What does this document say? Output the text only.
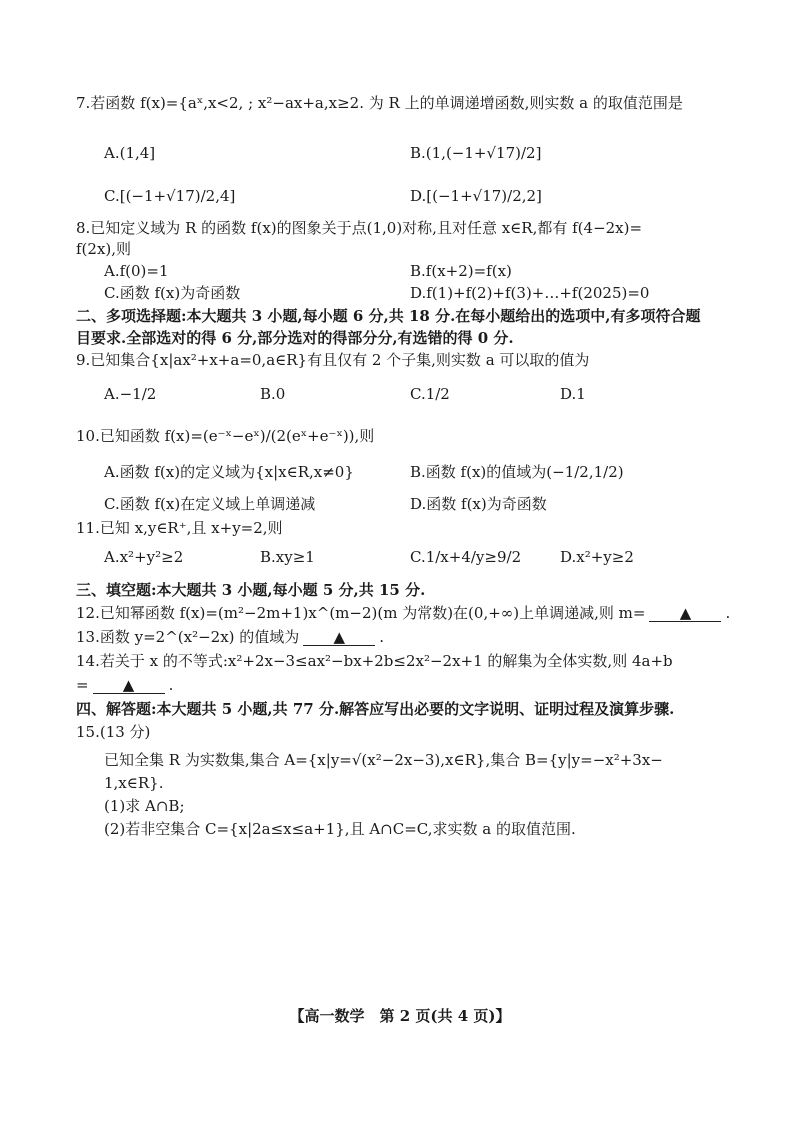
7.若函数 f(x)={aˣ,x<2, ; x²−ax+a,x≥2. 为 R 上的单调递增函数,则实数 a 的取值范围是
A.(1,4]	B.(1,(−1+√17)/2]
C.[(−1+√17)/2,4]	D.[(−1+√17)/2,2]
8.已知定义域为 R 的函数 f(x)的图象关于点(1,0)对称,且对任意 x∈R,都有 f(4−2x)=
f(2x),则
A.f(0)=1	B.f(x+2)=f(x)
C.函数 f(x)为奇函数	D.f(1)+f(2)+f(3)+…+f(2025)=0
二、多项选择题:本大题共 3 小题,每小题 6 分,共 18 分.在每小题给出的选项中,有多项符合题
目要求.全部选对的得 6 分,部分选对的得部分分,有选错的得 0 分.
9.已知集合{x|ax²+x+a=0,a∈R}有且仅有 2 个子集,则实数 a 可以取的值为
A.−1/2	B.0	C.1/2	D.1
10.已知函数 f(x)=(e⁻ˣ−eˣ)/(2(eˣ+e⁻ˣ)),则
A.函数 f(x)的定义域为{x|x∈R,x≠0}	B.函数 f(x)的值域为(−1/2,1/2)
C.函数 f(x)在定义域上单调递减	D.函数 f(x)为奇函数
11.已知 x,y∈R⁺,且 x+y=2,则
A.x²+y²≥2	B.xy≥1	C.1/x+4/y≥9/2	D.x²+y≥2
三、填空题:本大题共 3 小题,每小题 5 分,共 15 分.
12.已知幂函数 f(x)=(m²−2m+1)x^(m−2)(m 为常数)在(0,+∞)上单调递减,则 m= ▲ .
13.函数 y=2^(x²−2x) 的值域为 ▲ .
14.若关于 x 的不等式:x²+2x−3≤ax²−bx+2b≤2x²−2x+1 的解集为全体实数,则 4a+b
= ▲ .
四、解答题:本大题共 5 小题,共 77 分.解答应写出必要的文字说明、证明过程及演算步骤.
15.(13 分)
已知全集 R 为实数集,集合 A={x|y=√(x²−2x−3),x∈R},集合 B={y|y=−x²+3x−
1,x∈R}.
(1)求 A∩B;
(2)若非空集合 C={x|2a≤x≤a+1},且 A∩C=C,求实数 a 的取值范围.
【高一数学　第 2 页(共 4 页)】
